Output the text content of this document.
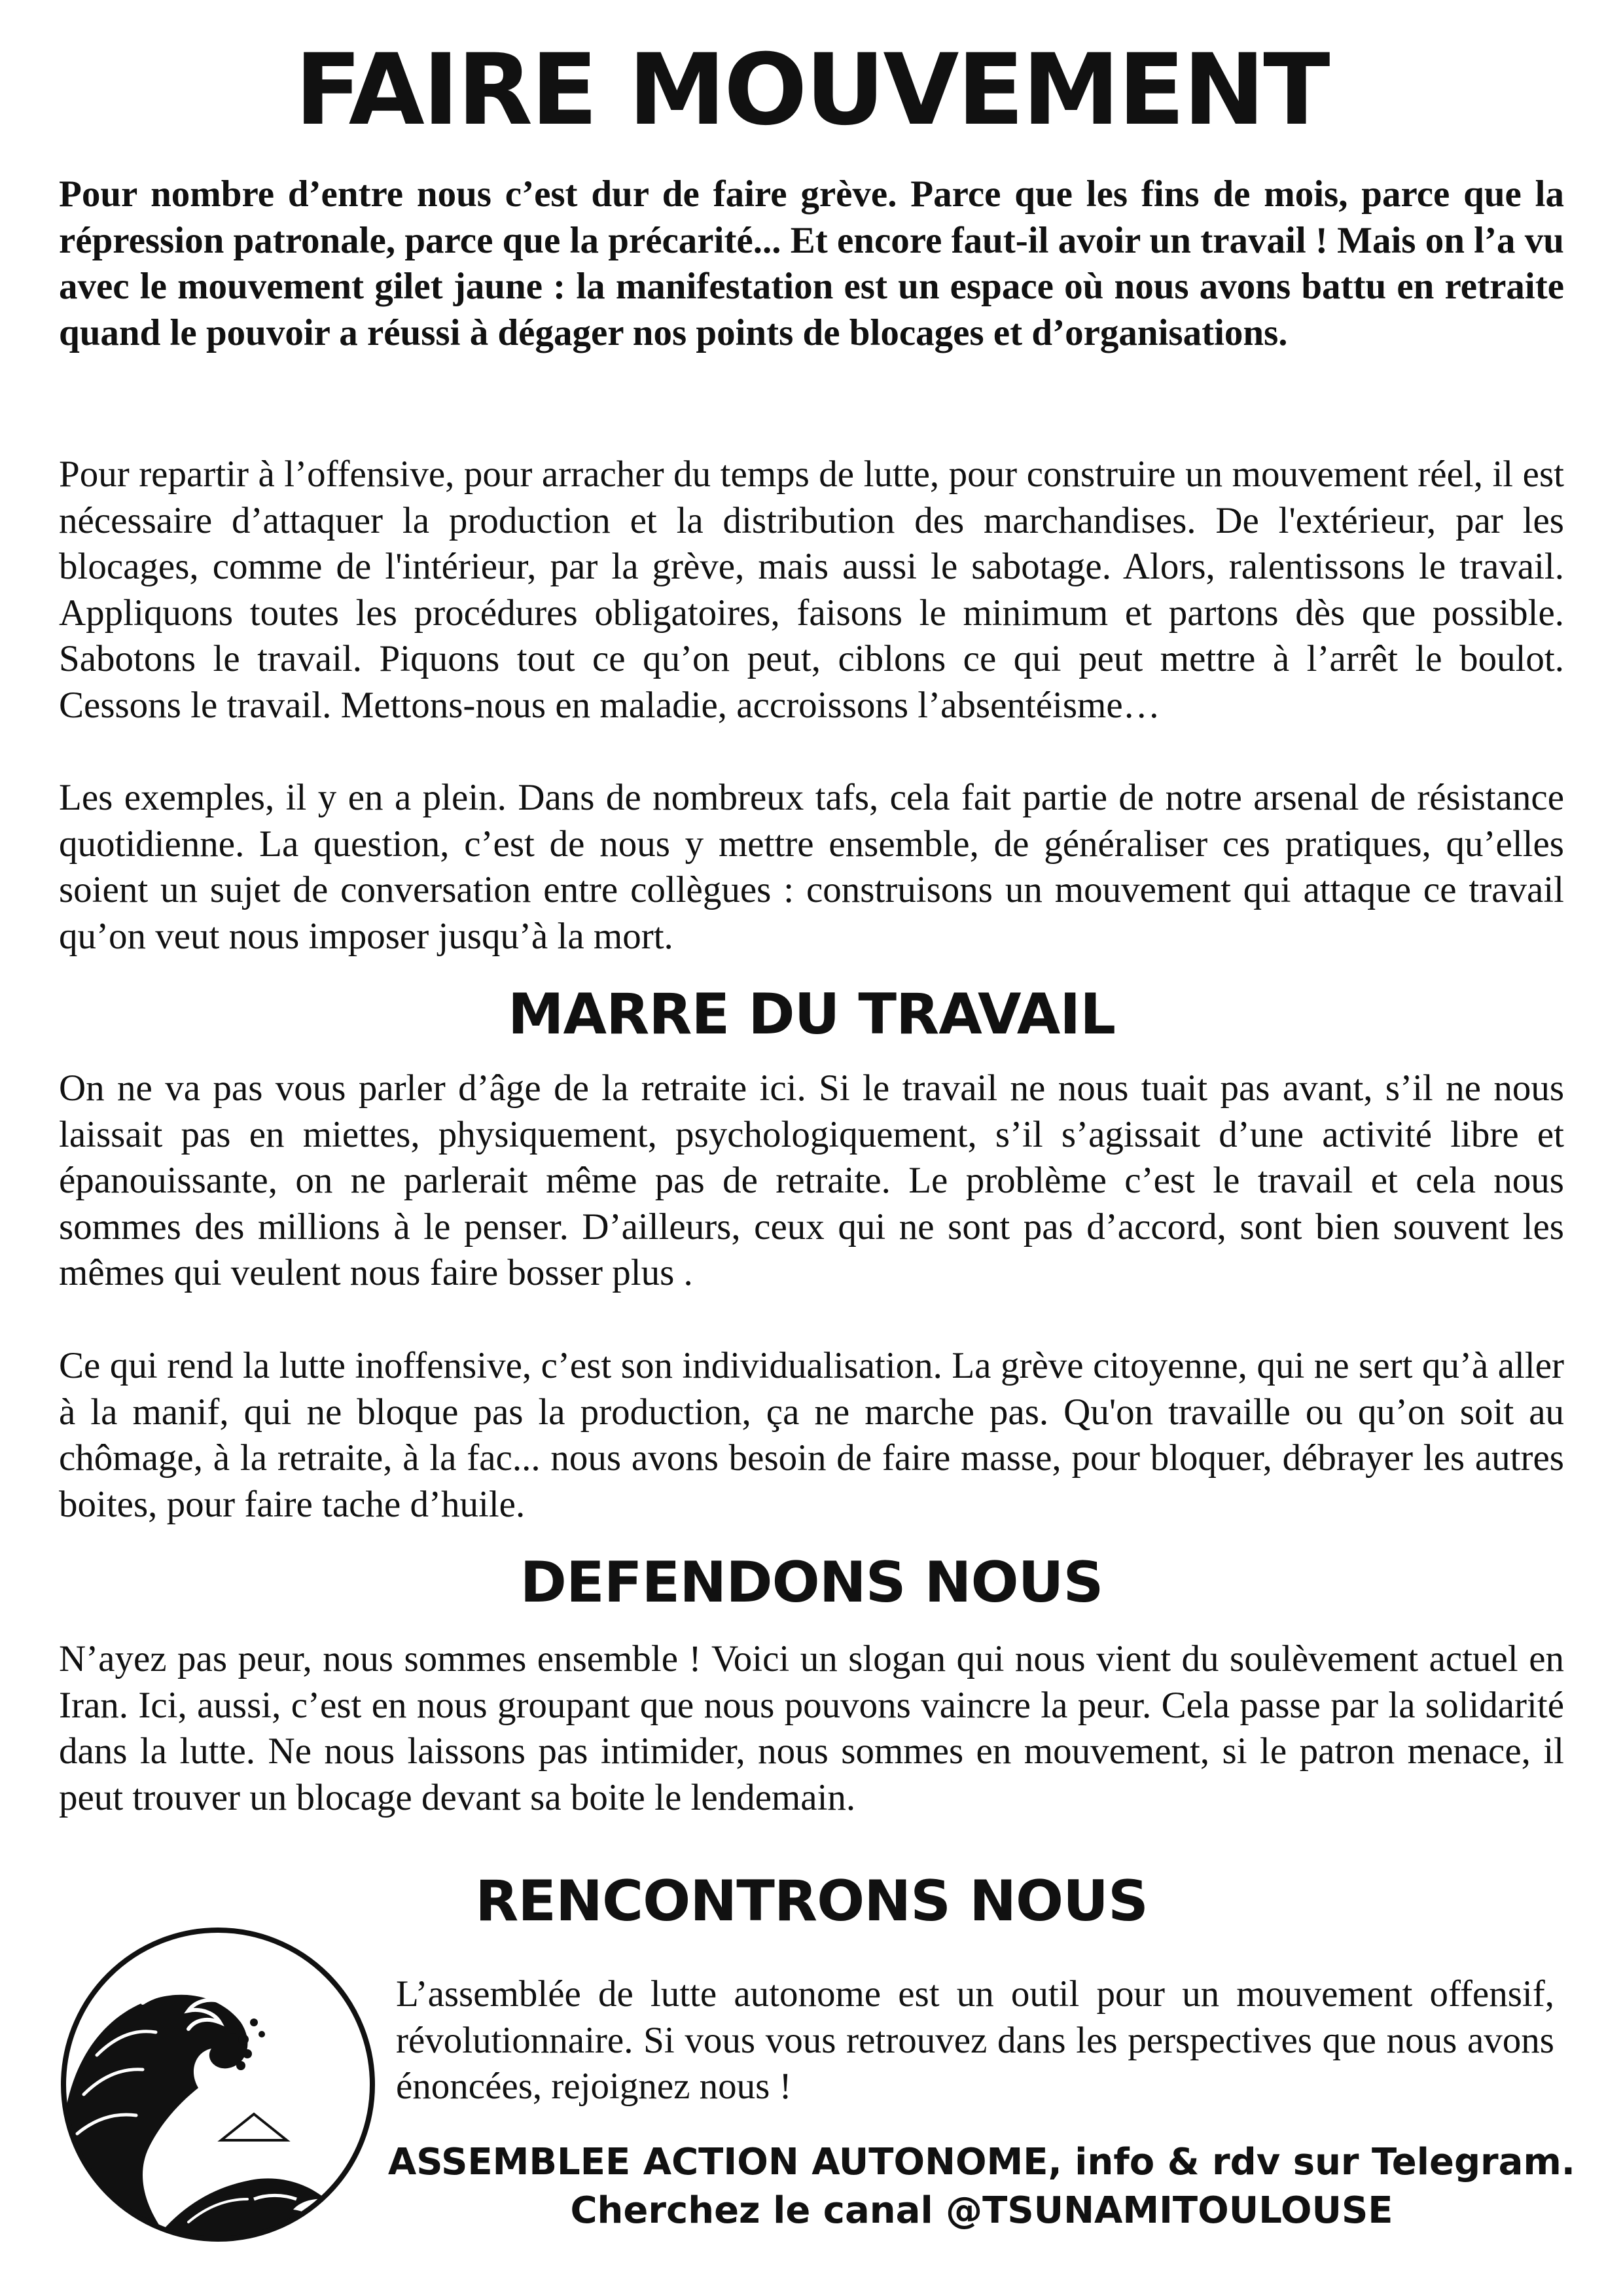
FAIRE MOUVEMENT

Pour nombre d’entre nous c’est dur de faire grève. Parce que les fins de mois, parce que la répression patronale, parce que la précarité... Et encore faut-il avoir un travail ! Mais on l’a vu avec le mouvement gilet jaune : la manifestation est un espace où nous avons battu en retraite quand le pouvoir a réussi à dégager nos points de blocages et d’organisations.

Pour repartir à l’offensive, pour arracher du temps de lutte, pour construire un mouvement réel, il est nécessaire d’attaquer la production et la distribution des marchandises. De l'extérieur, par les blocages, comme de l'intérieur, par la grève, mais aussi le sabotage. Alors, ralentissons le travail. Appliquons toutes les procédures obligatoires, faisons le minimum et partons dès que possible. Sabotons le travail. Piquons tout ce qu’on peut, ciblons ce qui peut mettre à l’arrêt le boulot. Cessons le travail. Mettons-nous en maladie, accroissons l’absentéisme…

Les exemples, il y en a plein. Dans de nombreux tafs, cela fait partie de notre arsenal de résistance quotidienne. La question, c’est de nous y mettre ensemble, de généraliser ces pratiques, qu’elles soient un sujet de conversation entre collègues : construisons un mouvement qui attaque ce travail qu’on veut nous imposer jusqu’à la mort.

MARRE DU TRAVAIL

On ne va pas vous parler d’âge de la retraite ici. Si le travail ne nous tuait pas avant, s’il ne nous laissait pas en miettes, physiquement, psychologiquement, s’il s’agissait d’une activité libre et épanouissante, on ne parlerait même pas de retraite. Le problème c’est le travail et cela nous sommes des millions à le penser. D’ailleurs, ceux qui ne sont pas d’accord, sont bien souvent les mêmes qui veulent nous faire bosser plus .

Ce qui rend la lutte inoffensive, c’est son individualisation. La grève citoyenne, qui ne sert qu’à aller à la manif, qui ne bloque pas la production, ça ne marche pas. Qu'on travaille ou qu’on soit au chômage, à la retraite, à la fac... nous avons besoin de faire masse, pour bloquer, débrayer les autres boites, pour faire tache d’huile.

DEFENDONS NOUS

N’ayez pas peur, nous sommes ensemble ! Voici un slogan qui nous vient du soulèvement actuel en Iran. Ici, aussi, c’est en nous groupant que nous pouvons vaincre la peur. Cela passe par la solidarité dans la lutte. Ne nous laissons pas intimider, nous sommes en mouvement, si le patron menace, il peut trouver un blocage devant sa boite le lendemain.

RENCONTRONS NOUS

L’assemblée de lutte autonome est un outil pour un mouvement offensif, révolutionnaire. Si vous vous retrouvez dans les perspectives que nous avons énoncées, rejoignez nous !

ASSEMBLEE ACTION AUTONOME, info & rdv sur Telegram.

Cherchez le canal @TSUNAMITOULOUSE
